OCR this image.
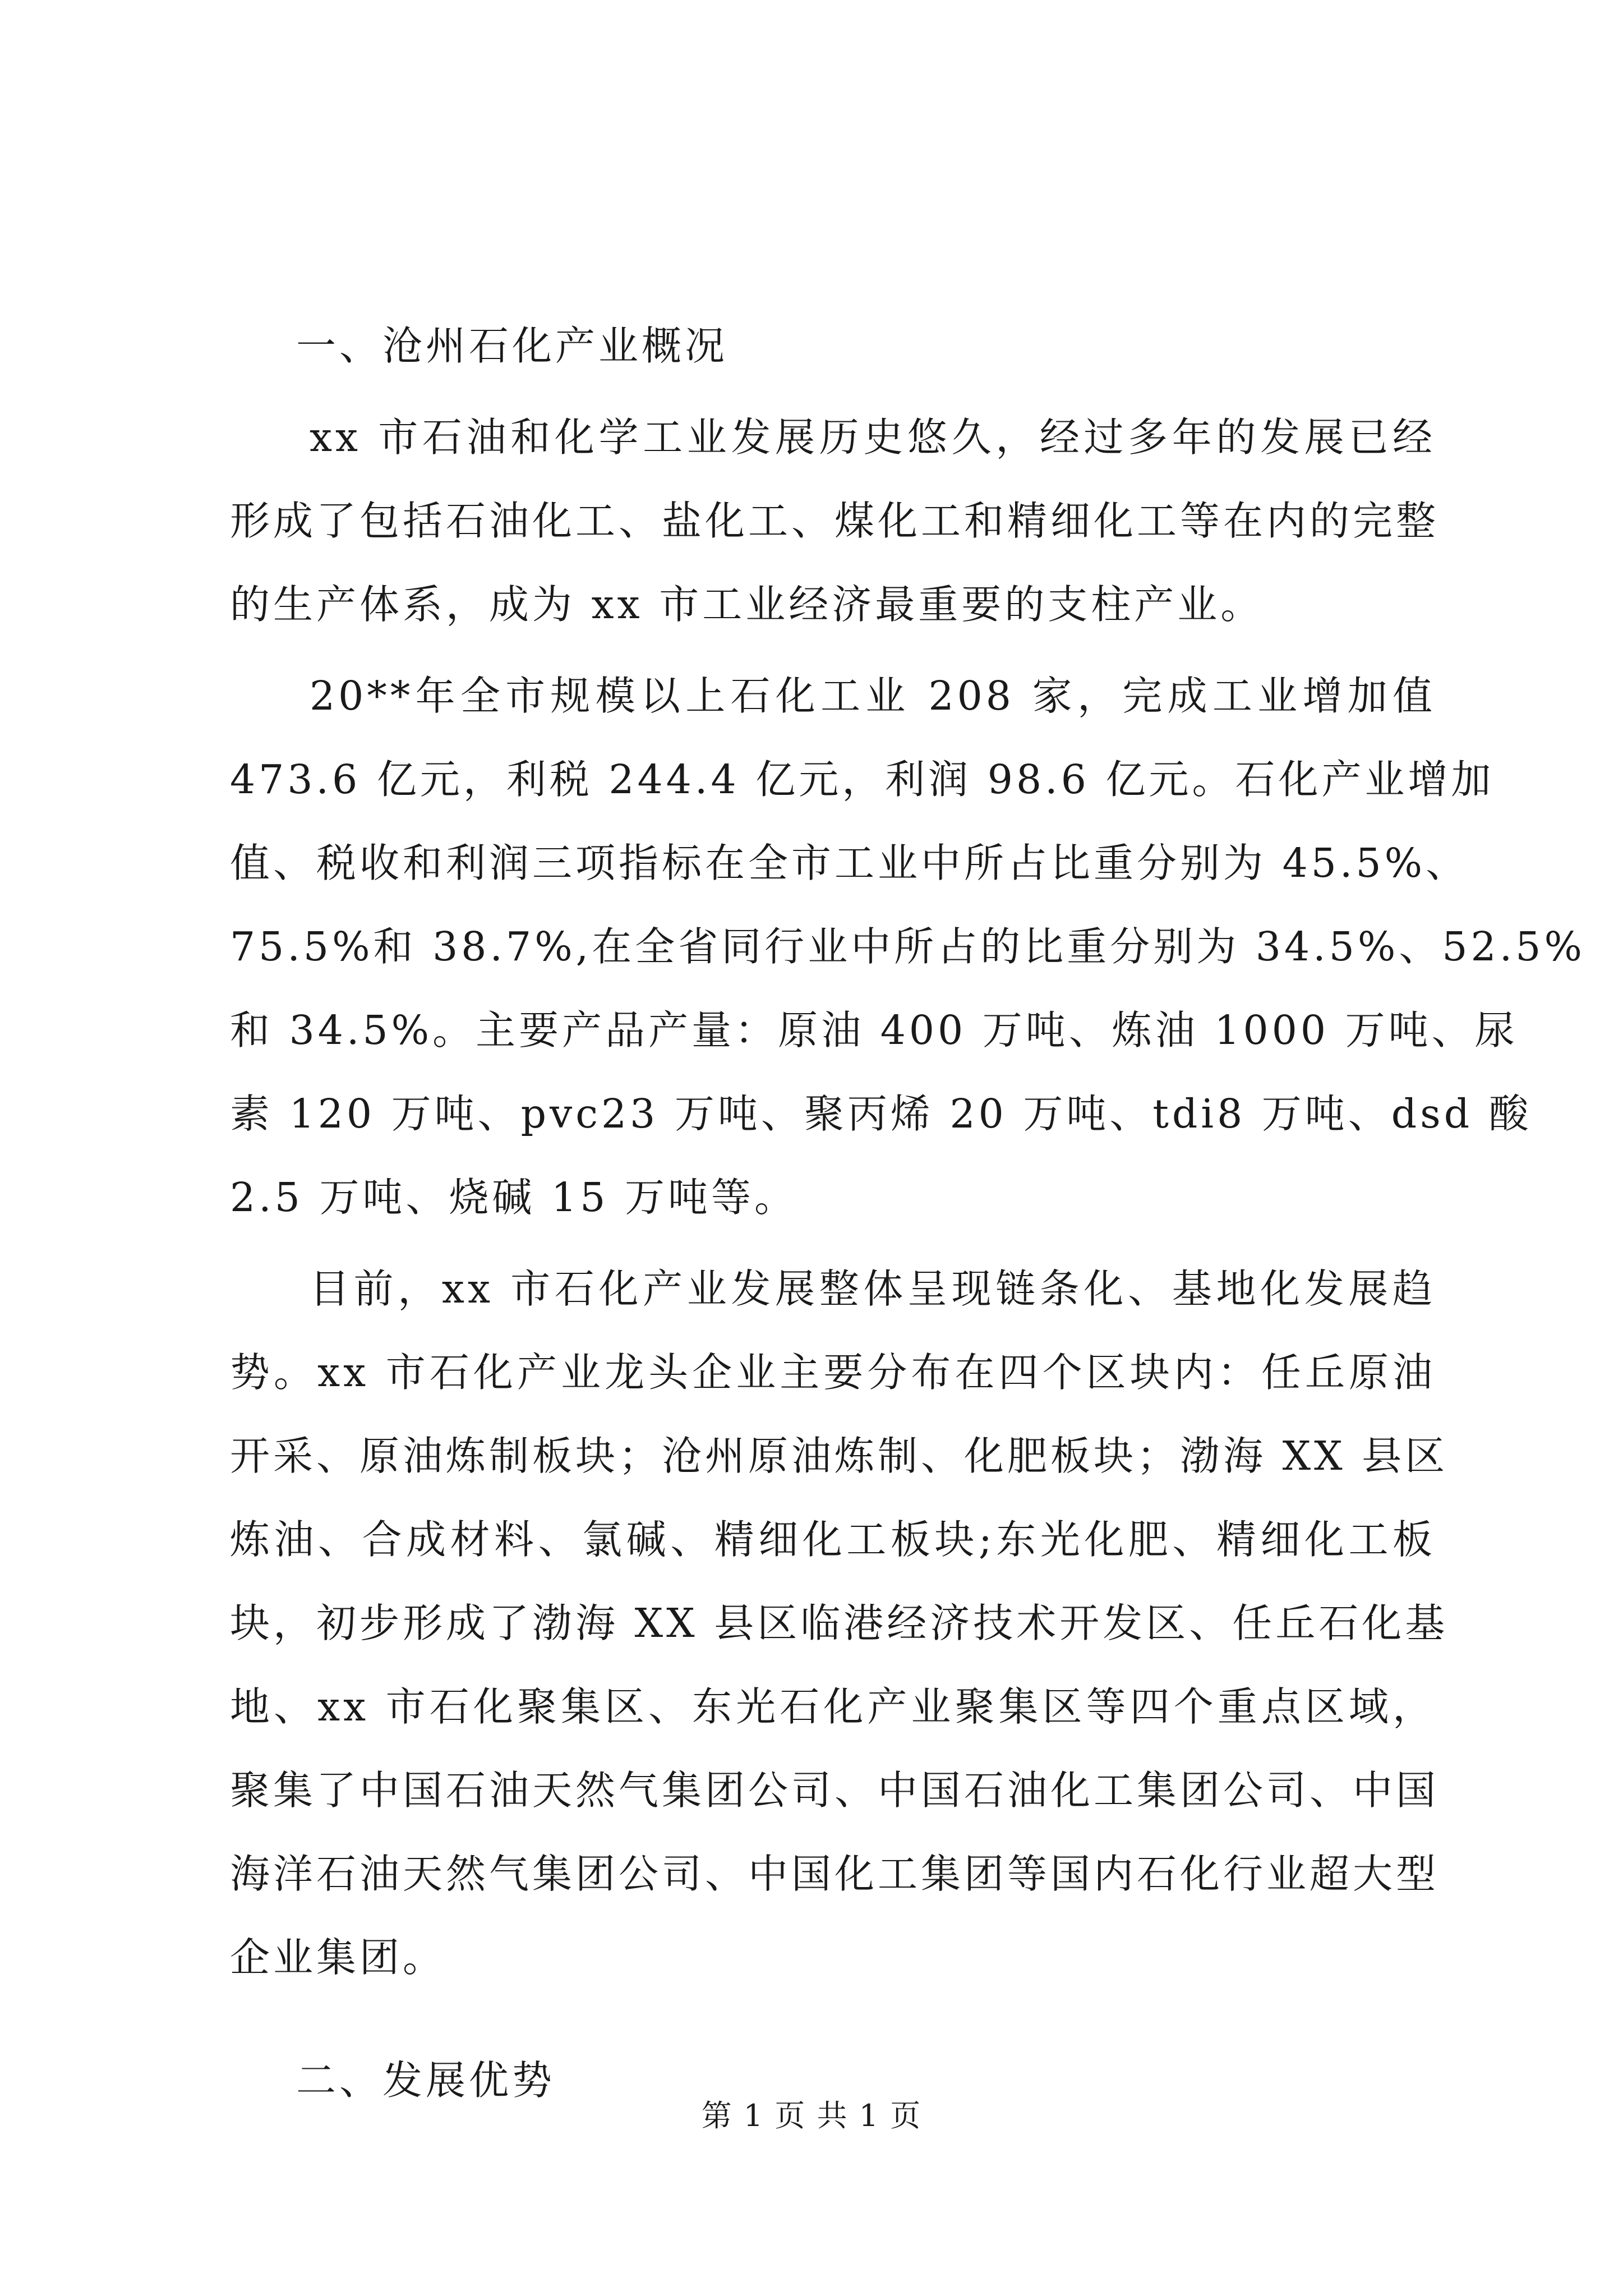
一、沧州石化产业概况
xx 市石油和化学工业发展历史悠久，经过多年的发展已经
形成了包括石油化工、盐化工、煤化工和精细化工等在内的完整
的生产体系，成为 xx 市工业经济最重要的支柱产业。
20**年全市规模以上石化工业 208 家，完成工业增加值
473.6 亿元，利税 244.4 亿元，利润 98.6 亿元。石化产业增加
值、税收和利润三项指标在全市工业中所占比重分别为 45.5%、
75.5%和 38.7%,在全省同行业中所占的比重分别为 34.5%、52.5%
和 34.5%。主要产品产量：原油 400 万吨、炼油 1000 万吨、尿
素 120 万吨、pvc23 万吨、聚丙烯 20 万吨、tdi8 万吨、dsd 酸
2.5 万吨、烧碱 15 万吨等。
目前，xx 市石化产业发展整体呈现链条化、基地化发展趋
势。xx 市石化产业龙头企业主要分布在四个区块内：任丘原油
开采、原油炼制板块；沧州原油炼制、化肥板块；渤海 XX 县区
炼油、合成材料、氯碱、精细化工板块;东光化肥、精细化工板
块，初步形成了渤海 XX 县区临港经济技术开发区、任丘石化基
地、xx 市石化聚集区、东光石化产业聚集区等四个重点区域，
聚集了中国石油天然气集团公司、中国石油化工集团公司、中国
海洋石油天然气集团公司、中国化工集团等国内石化行业超大型
企业集团。
二、发展优势
第 1 页 共 1 页
